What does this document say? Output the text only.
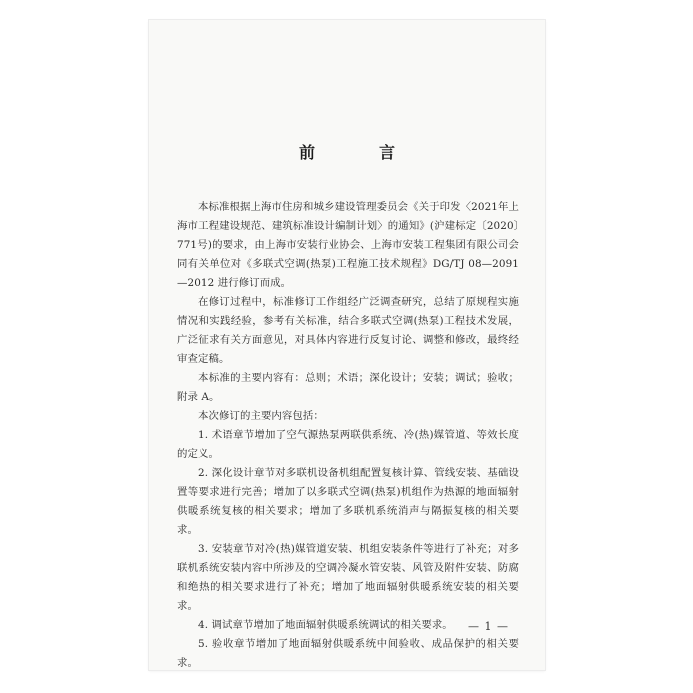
前　言

本标准根据上海市住房和城乡建设管理委员会《关于印发〈2021年上海市工程建设规范、建筑标准设计编制计划〉的通知》(沪建标定〔2020〕771号)的要求，由上海市安装行业协会、上海市安装工程集团有限公司会同有关单位对《多联式空调(热泵)工程施工技术规程》DG/TJ 08—2091—2012 进行修订而成。

在修订过程中，标准修订工作组经广泛调查研究，总结了原规程实施情况和实践经验，参考有关标准，结合多联式空调(热泵)工程技术发展，广泛征求有关方面意见，对具体内容进行反复讨论、调整和修改，最终经审查定稿。

本标准的主要内容有：总则；术语；深化设计；安装；调试；验收；附录 A。

本次修订的主要内容包括：

1. 术语章节增加了空气源热泵两联供系统、冷(热)媒管道、等效长度的定义。

2. 深化设计章节对多联机设备机组配置复核计算、管线安装、基础设置等要求进行完善；增加了以多联式空调(热泵)机组作为热源的地面辐射供暖系统复核的相关要求；增加了多联机系统消声与隔振复核的相关要求。

3. 安装章节对冷(热)媒管道安装、机组安装条件等进行了补充；对多联机系统安装内容中所涉及的空调冷凝水管安装、风管及附件安装、防腐和绝热的相关要求进行了补充；增加了地面辐射供暖系统安装的相关要求。

4. 调试章节增加了地面辐射供暖系统调试的相关要求。

5. 验收章节增加了地面辐射供暖系统中间验收、成品保护的相关要求。

— 1 —
